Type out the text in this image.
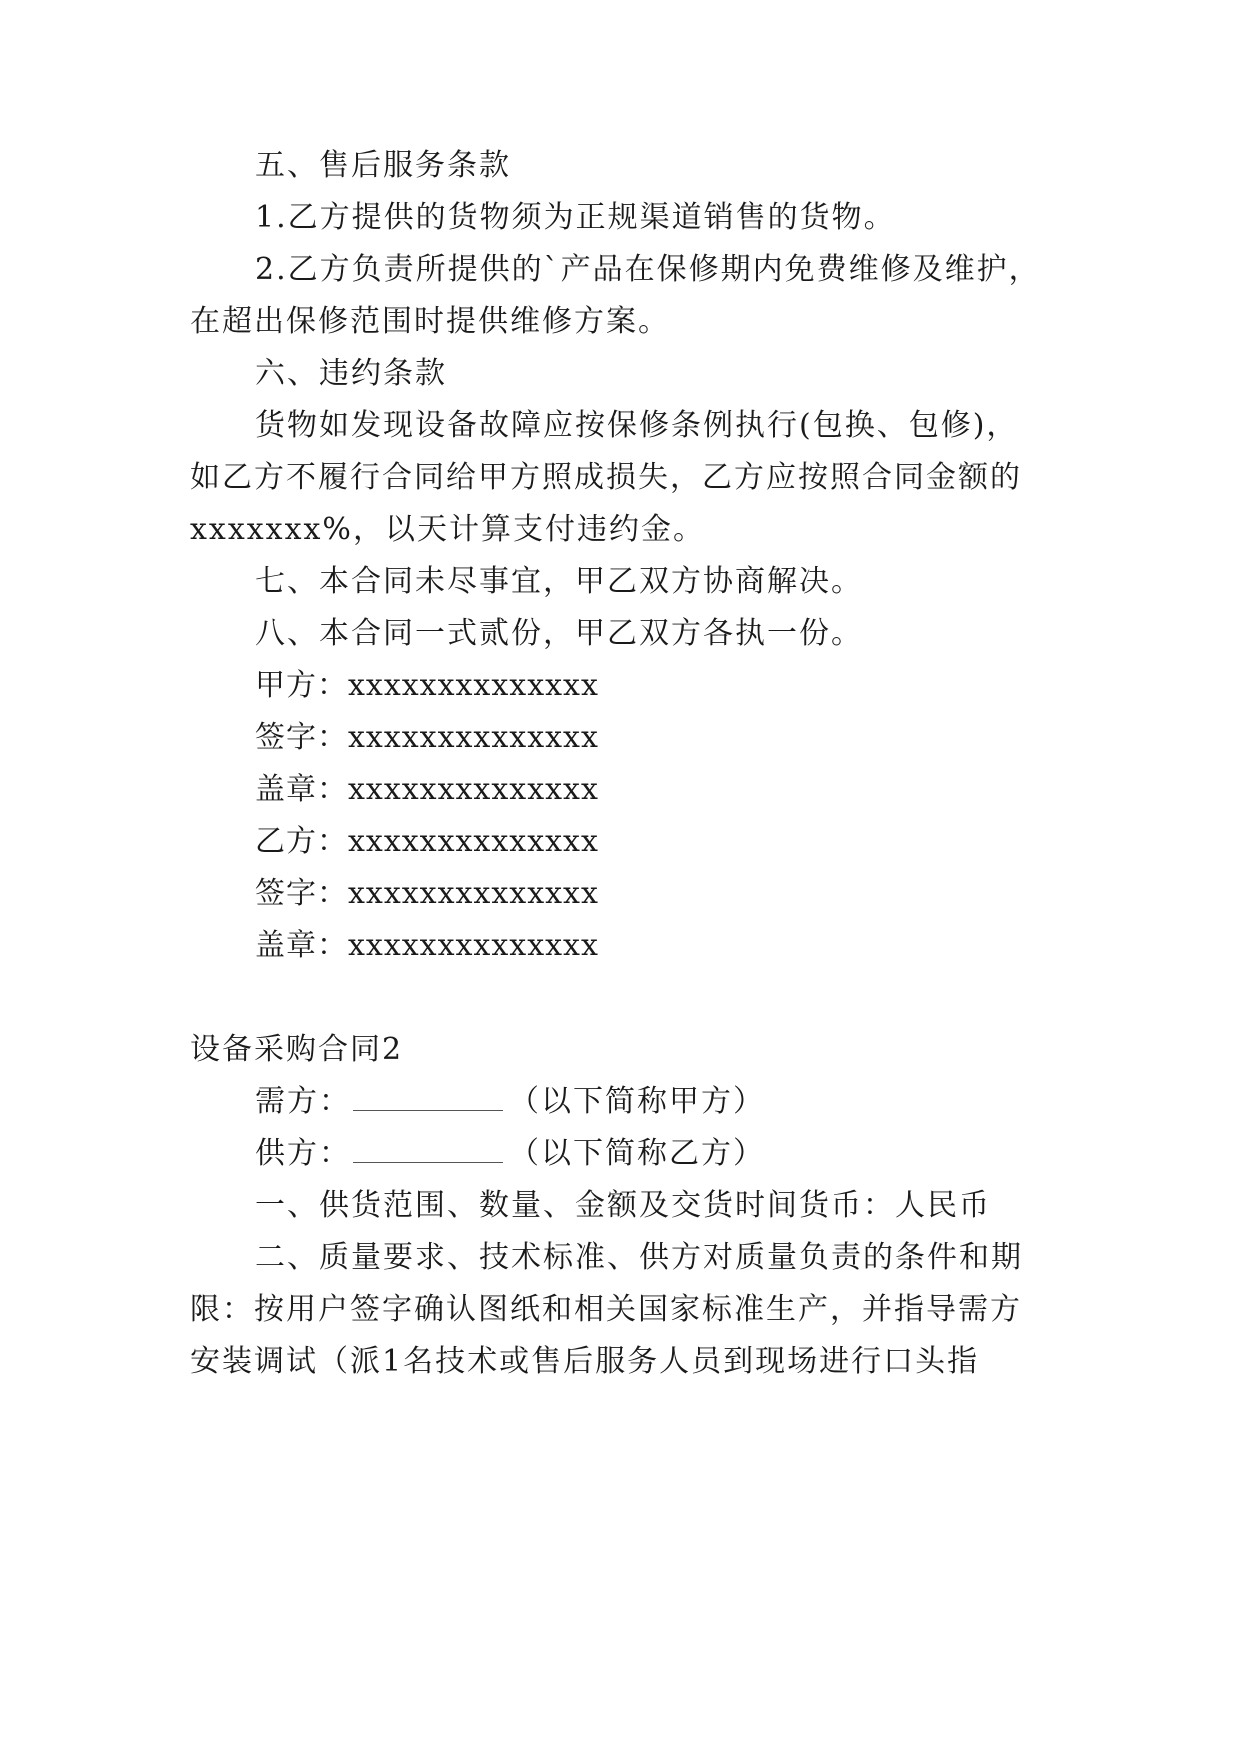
五、售后服务条款
1.乙方提供的货物须为正规渠道销售的货物。
2.乙方负责所提供的`产品在保修期内免费维修及维护，
在超出保修范围时提供维修方案。
六、违约条款
货物如发现设备故障应按保修条例执行(包换、包修)，
如乙方不履行合同给甲方照成损失，乙方应按照合同金额的
xxxxxxx%，以天计算支付违约金。
七、本合同未尽事宜，甲乙双方协商解决。
八、本合同一式贰份，甲乙双方各执一份。
甲方：xxxxxxxxxxxxxx
签字：xxxxxxxxxxxxxx
盖章：xxxxxxxxxxxxxx
乙方：xxxxxxxxxxxxxx
签字：xxxxxxxxxxxxxx
盖章：xxxxxxxxxxxxxx
设备采购合同2
需方：	（以下简称甲方）
供方：	（以下简称乙方）
一、供货范围、数量、金额及交货时间货币：人民币
二、质量要求、技术标准、供方对质量负责的条件和期
限：按用户签字确认图纸和相关国家标准生产，并指导需方
安装调试（派1名技术或售后服务人员到现场进行口头指
